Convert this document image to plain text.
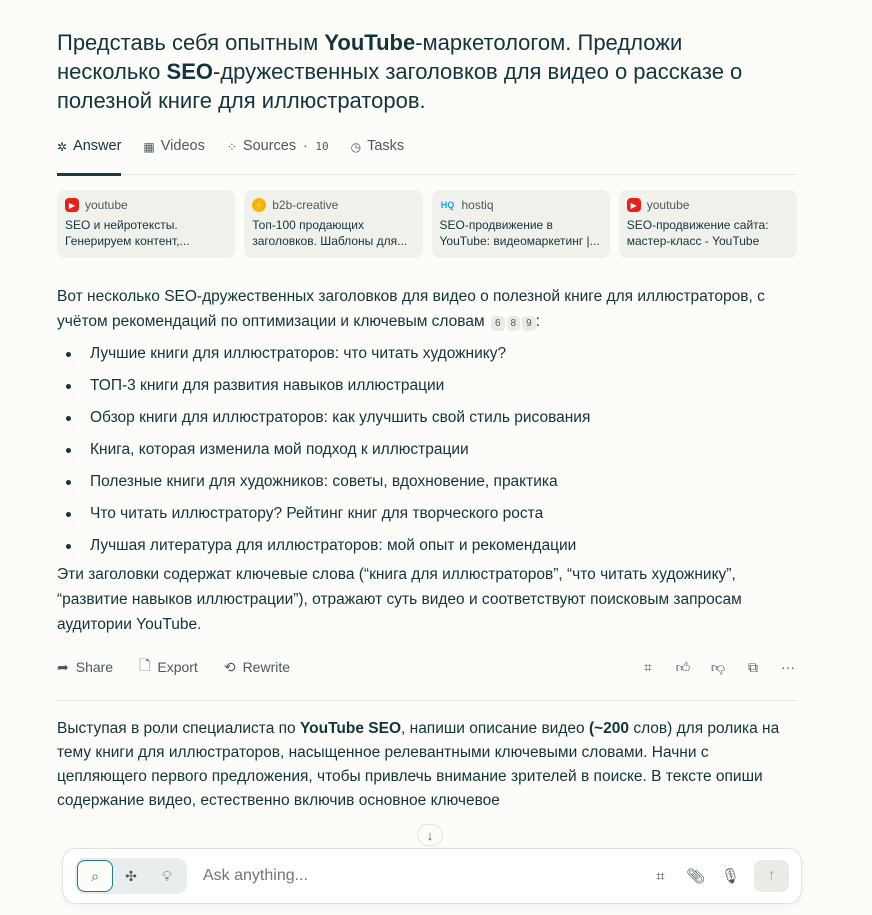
Представь себя опытным YouTube-маркетологом. Предложи несколько SEO-дружественных заголовков для видео о рассказе о полезной книге для иллюстраторов.
✲ Answer ▦ Videos ⁘ Sources · 10 ◷ Tasks
▶ youtube
SEO и нейротексты. Генерируем контент,...
⚡ b2b-creative
Топ-100 продающих заголовков. Шаблоны для...
HQ hostiq
SEO-продвижение в YouTube: видеомаркетинг |...
▶ youtube
SEO-продвижение сайта: мастер-класс - YouTube

Вот несколько SEO-дружественных заголовков для видео о полезной книге для иллюстраторов, с учётом рекомендаций по оптимизации и ключевым словам 6 8 9 :

Лучшие книги для иллюстраторов: что читать художнику?
ТОП-3 книги для развития навыков иллюстрации
Обзор книги для иллюстраторов: как улучшить свой стиль рисования
Книга, которая изменила мой подход к иллюстрации
Полезные книги для художников: советы, вдохновение, практика
Что читать иллюстратору? Рейтинг книг для творческого роста
Лучшая литература для иллюстраторов: мой опыт и рекомендации

Эти заголовки содержат ключевые слова (“книга для иллюстраторов”, “что читать художнику”, “развитие навыков иллюстрации”), отражают суть видео и соответствуют поисковым запросам аудитории YouTube.

➦ Share 🗋 Export ⟲ Rewrite	⌗	👍︎ 👎︎ ⧉ ···
Выступая в роли специалиста по YouTube SEO, напиши описание видео (~200 слов) для ролика на тему книги для иллюстраторов, насыщенное релевантными ключевыми словами. Начни с цепляющего первого предложения, чтобы привлечь внимание зрителей в поиске. В тексте опиши содержание видео, естественно включив основное ключевое
↓
⌕ ✣ 💡︎
Ask anything...	⌗	📎︎	🎙︎	↑
